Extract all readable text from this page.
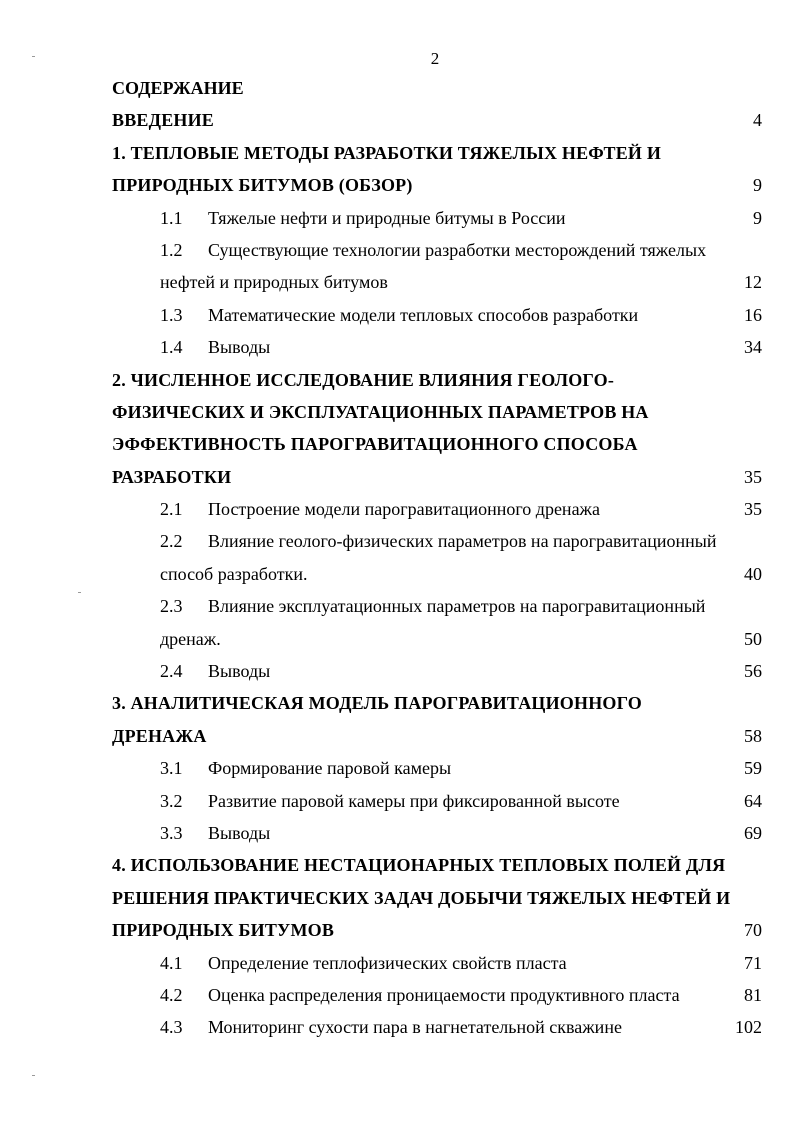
2
СОДЕРЖАНИЕ
ВВЕДЕНИЕ	4
1. ТЕПЛОВЫЕ МЕТОДЫ РАЗРАБОТКИ ТЯЖЕЛЫХ НЕФТЕЙ И
ПРИРОДНЫХ БИТУМОВ (ОБЗОР)	9
1.1 Тяжелые нефти и природные битумы в России	9
1.2 Существующие технологии разработки месторождений тяжелых
нефтей и природных битумов	12
1.3 Математические модели тепловых способов разработки	16
1.4 Выводы	34
2. ЧИСЛЕННОЕ ИССЛЕДОВАНИЕ ВЛИЯНИЯ ГЕОЛОГО-
ФИЗИЧЕСКИХ И ЭКСПЛУАТАЦИОННЫХ ПАРАМЕТРОВ НА
ЭФФЕКТИВНОСТЬ ПАРОГРАВИТАЦИОННОГО СПОСОБА
РАЗРАБОТКИ	35
2.1 Построение модели парогравитационного дренажа	35
2.2 Влияние геолого-физических параметров на парогравитационный
способ разработки.	40
2.3 Влияние эксплуатационных параметров на парогравитационный
дренаж.	50
2.4 Выводы	56
3. АНАЛИТИЧЕСКАЯ МОДЕЛЬ ПАРОГРАВИТАЦИОННОГО
ДРЕНАЖА	58
3.1 Формирование паровой камеры	59
3.2 Развитие паровой камеры при фиксированной высоте	64
3.3 Выводы	69
4. ИСПОЛЬЗОВАНИЕ НЕСТАЦИОНАРНЫХ ТЕПЛОВЫХ ПОЛЕЙ ДЛЯ
РЕШЕНИЯ ПРАКТИЧЕСКИХ ЗАДАЧ ДОБЫЧИ ТЯЖЕЛЫХ НЕФТЕЙ И
ПРИРОДНЫХ БИТУМОВ	70
4.1 Определение теплофизических свойств пласта	71
4.2 Оценка распределения проницаемости продуктивного пласта	81
4.3 Мониторинг сухости пара в нагнетательной скважине	102
